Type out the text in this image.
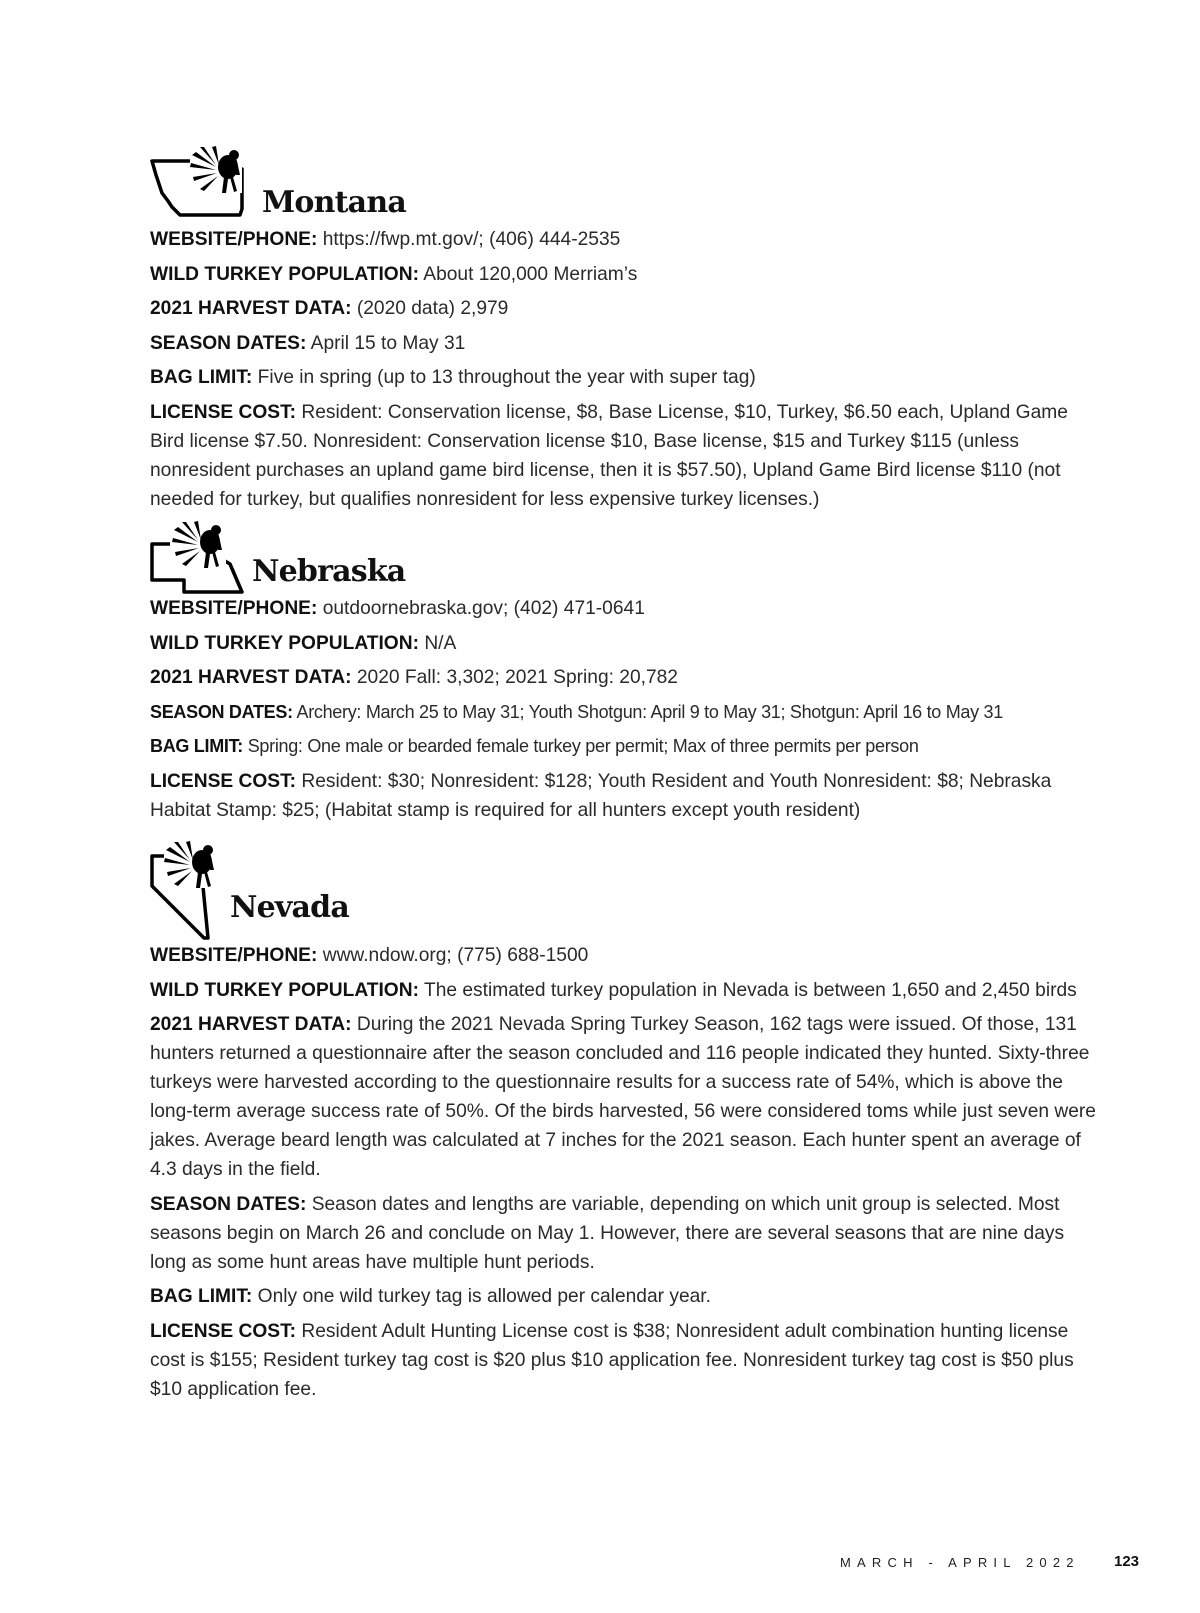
Montana

WEBSITE/PHONE: https://fwp.mt.gov/; (406) 444-2535

WILD TURKEY POPULATION: About 120,000 Merriam’s

2021 HARVEST DATA: (2020 data) 2,979

SEASON DATES: April 15 to May 31

BAG LIMIT: Five in spring (up to 13 throughout the year with super tag)

LICENSE COST: Resident: Conservation license, $8, Base License, $10, Turkey, $6.50 each, Upland Game Bird license $7.50. Nonresident: Conservation license $10, Base license, $15 and Turkey $115 (unless nonresident purchases an upland game bird license, then it is $57.50), Upland Game Bird license $110 (not needed for turkey, but qualifies nonresident for less expensive turkey licenses.)

Nebraska

WEBSITE/PHONE: outdoornebraska.gov; (402) 471-0641

WILD TURKEY POPULATION: N/A

2021 HARVEST DATA: 2020 Fall: 3,302; 2021 Spring: 20,782

SEASON DATES: Archery: March 25 to May 31; Youth Shotgun: April 9 to May 31; Shotgun: April 16 to May 31

BAG LIMIT: Spring: One male or bearded female turkey per permit; Max of three permits per person

LICENSE COST: Resident: $30; Nonresident: $128; Youth Resident and Youth Nonresident: $8; Nebraska Habitat Stamp: $25; (Habitat stamp is required for all hunters except youth resident)

Nevada

WEBSITE/PHONE: www.ndow.org; (775) 688-1500

WILD TURKEY POPULATION: The estimated turkey population in Nevada is between 1,650 and 2,450 birds

2021 HARVEST DATA: During the 2021 Nevada Spring Turkey Season, 162 tags were issued. Of those, 131 hunters returned a questionnaire after the season concluded and 116 people indicated they hunted. Sixty-three turkeys were harvested according to the questionnaire results for a success rate of 54%, which is above the long-term average success rate of 50%. Of the birds harvested, 56 were considered toms while just seven were jakes. Average beard length was calculated at 7 inches for the 2021 season. Each hunter spent an average of 4.3 days in the field.

SEASON DATES: Season dates and lengths are variable, depending on which unit group is selected. Most seasons begin on March 26 and conclude on May 1. However, there are several seasons that are nine days long as some hunt areas have multiple hunt periods.

BAG LIMIT: Only one wild turkey tag is allowed per calendar year.

LICENSE COST: Resident Adult Hunting License cost is $38; Nonresident adult combination hunting license cost is $155; Resident turkey tag cost is $20 plus $10 application fee. Nonresident turkey tag cost is $50 plus $10 application fee.

MARCH - APRIL 2022 123
